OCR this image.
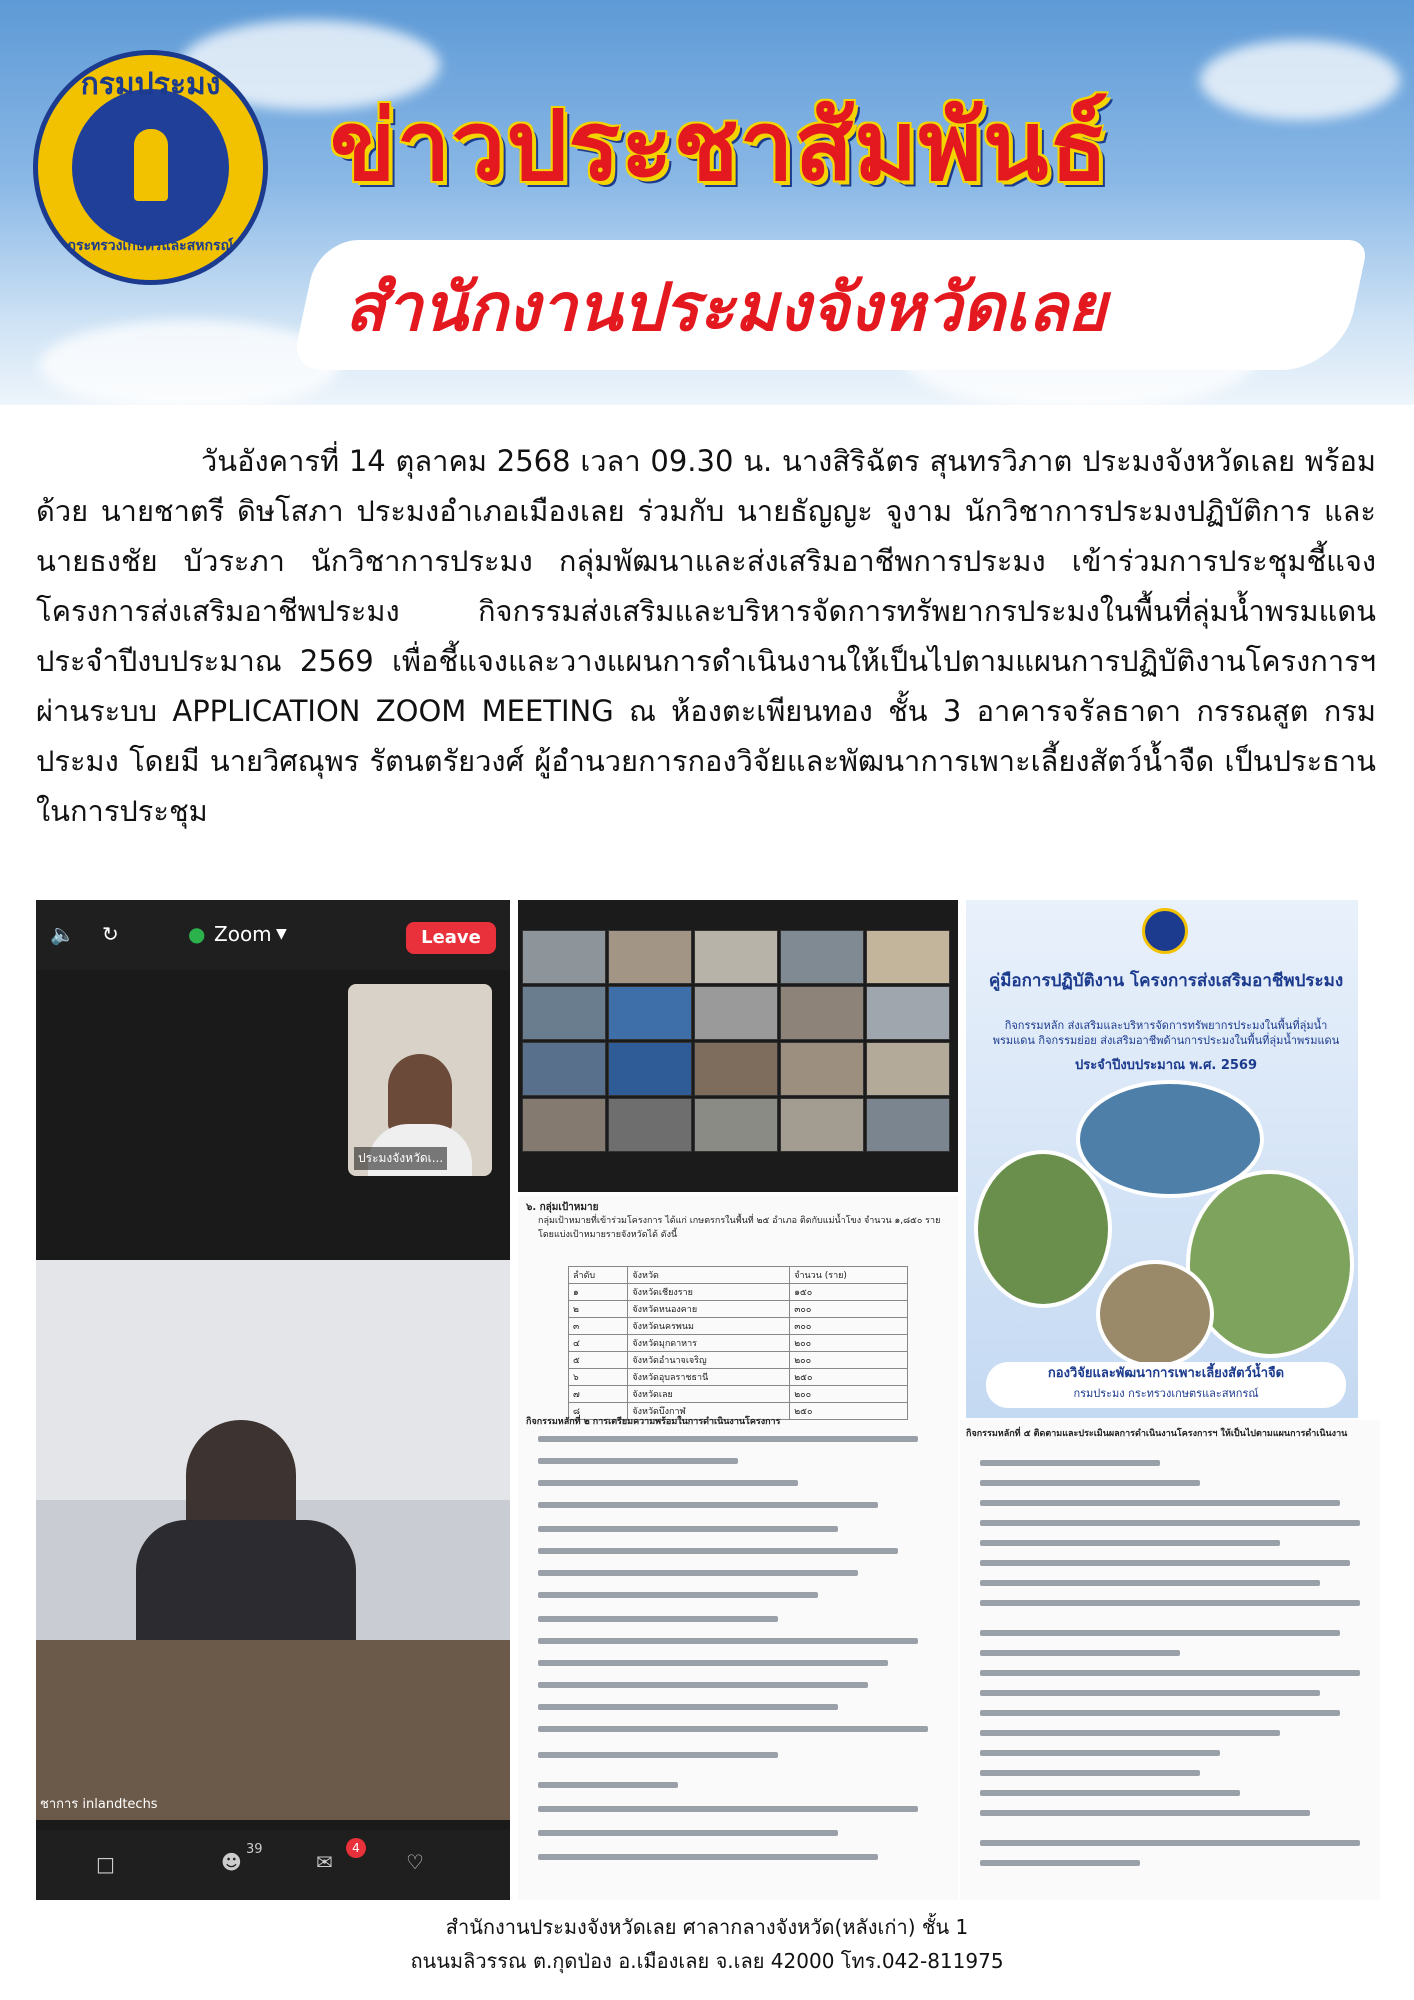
กรมประมง
กระทรวงเกษตรและสหกรณ์
ข่าวประชาสัมพันธ์
สำนักงานประมงจังหวัดเลย
วันอังคารที่ 14 ตุลาคม 2568 เวลา 09.30 น. นางสิริฉัตร สุนทรวิภาต ประมงจังหวัดเลย พร้อมด้วย นายชาตรี ดิษโสภา ประมงอำเภอเมืองเลย ร่วมกับ นายธัญญะ จูงาม นักวิชาการประมงปฏิบัติการ และนายธงชัย บัวระภา นักวิชาการประมง กลุ่มพัฒนาและส่งเสริมอาชีพการประมง เข้าร่วมการประชุมชี้แจงโครงการส่งเสริมอาชีพประมง กิจกรรมส่งเสริมและบริหารจัดการทรัพยากรประมงในพื้นที่ลุ่มน้ำพรมแดน ประจำปีงบประมาณ 2569 เพื่อชี้แจงและวางแผนการดำเนินงานให้เป็นไปตามแผนการปฏิบัติงานโครงการฯ ผ่านระบบ APPLICATION ZOOM MEETING ณ ห้องตะเพียนทอง ชั้น 3 อาคารจรัลธาดา กรรณสูต กรมประมง โดยมี นายวิศณุพร รัตนตรัยวงศ์ ผู้อำนวยการกองวิจัยและพัฒนาการเพาะเลี้ยงสัตว์น้ำจืด เป็นประธานในการประชุม
🔈 ↻	● Zoom ▼	Leave
ประมงจังหวัดเ...
ชาการ inlandtechs
□	☻
39
✉
4
♡
๖. กลุ่มเป้าหมาย
กลุ่มเป้าหมายที่เข้าร่วมโครงการ ได้แก่ เกษตรกรในพื้นที่ ๒๕ อำเภอ ติดกับแม่น้ำโขง จำนวน ๑,๘๕๐ ราย โดยแบ่งเป้าหมายรายจังหวัดได้ ดังนี้
ลำดับ	จังหวัด	จำนวน (ราย)
๑	จังหวัดเชียงราย	๑๕๐
๒	จังหวัดหนองคาย	๓๐๐
๓	จังหวัดนครพนม	๓๐๐
๔	จังหวัดมุกดาหาร	๒๐๐
๕	จังหวัดอำนาจเจริญ	๒๐๐
๖	จังหวัดอุบลราชธานี	๒๕๐
๗	จังหวัดเลย	๒๐๐
๘	จังหวัดบึงกาฬ	๒๕๐
กิจกรรมหลักที่ ๒ การเตรียมความพร้อมในการดำเนินงานโครงการ
คู่มือการปฏิบัติงาน โครงการส่งเสริมอาชีพประมง
กิจกรรมหลัก ส่งเสริมและบริหารจัดการทรัพยากรประมงในพื้นที่ลุ่มน้ำพรมแดน กิจกรรมย่อย ส่งเสริมอาชีพด้านการประมงในพื้นที่ลุ่มน้ำพรมแดน
ประจำปีงบประมาณ พ.ศ. 2569
กองวิจัยและพัฒนาการเพาะเลี้ยงสัตว์น้ำจืด
กรมประมง กระทรวงเกษตรและสหกรณ์
กิจกรรมหลักที่ ๕ ติดตามและประเมินผลการดำเนินงานโครงการฯ ให้เป็นไปตามแผนการดำเนินงาน
สำนักงานประมงจังหวัดเลย ศาลากลางจังหวัด(หลังเก่า) ชั้น 1
ถนนมลิวรรณ ต.กุดป่อง อ.เมืองเลย จ.เลย 42000 โทร.042-811975
